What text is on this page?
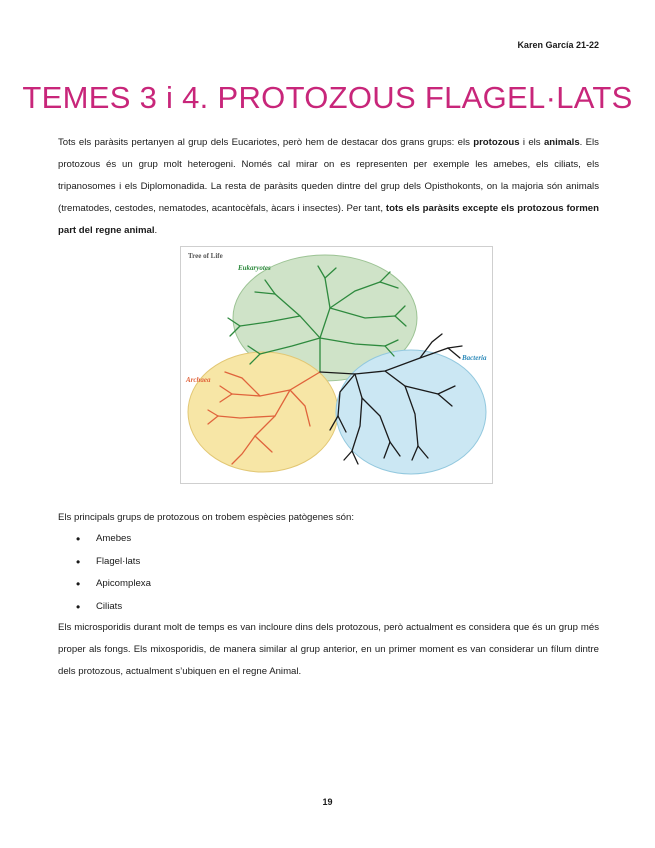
Karen García 21-22
TEMES 3 i 4. PROTOZOUS FLAGEL·LATS

Tots els paràsits pertanyen al grup dels Eucariotes, però hem de destacar dos grans grups: els protozous i els animals. Els protozous és un grup molt heterogeni. Només cal mirar on es representen per exemple les amebes, els ciliats, els tripanosomes i els Diplomonadida. La resta de paràsits queden dintre del grup dels Opisthokonts, on la majoria són animals (trematodes, cestodes, nematodes, acantocèfals, àcars i insectes). Per tant, tots els paràsits excepte els protozous formen part del regne animal.

Tree of Life
Eukaryotes
Bacteria
Archaea

Els principals grups de protozous on trobem espècies patògenes són:

• Amebes
• Flagel·lats
• Apicomplexa
• Ciliats

Els microsporidis durant molt de temps es van incloure dins dels protozous, però actualment es considera que és un grup més proper als fongs. Els mixosporidis, de manera similar al grup anterior, en un primer moment es van considerar un fílum dintre dels protozous, actualment s’ubiquen en el regne Animal.

19
